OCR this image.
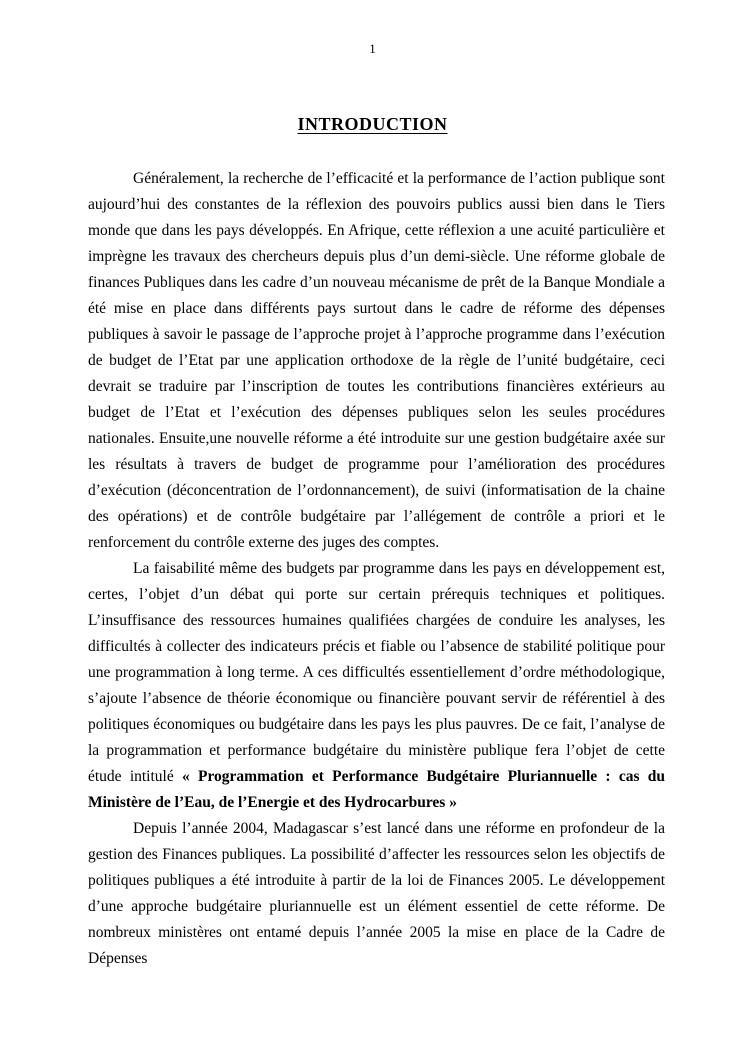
1
INTRODUCTION

Généralement, la recherche de l’efficacité et la performance de l’action publique sont aujourd’hui des constantes de la réflexion des pouvoirs publics aussi bien dans le Tiers monde que dans les pays développés. En Afrique, cette réflexion a une acuité particulière et imprègne les travaux des chercheurs depuis plus d’un demi-siècle. Une réforme globale de finances Publiques dans les cadre d’un nouveau mécanisme de prêt de la Banque Mondiale a été mise en place dans différents pays surtout dans le cadre de réforme des dépenses publiques à savoir le passage de l’approche projet à l’approche programme dans l’exécution de budget de l’Etat par une application orthodoxe de la règle de l’unité budgétaire, ceci devrait se traduire par l’inscription de toutes les contributions financières extérieurs au budget de l’Etat et l’exécution des dépenses publiques selon les seules procédures nationales. Ensuite,une nouvelle réforme a été introduite sur une gestion budgétaire axée sur les résultats à travers de budget de programme pour l’amélioration des procédures d’exécution (déconcentration de l’ordonnancement), de suivi (informatisation de la chaine des opérations) et de contrôle budgétaire par l’allégement de contrôle a priori et le renforcement du contrôle externe des juges des comptes.

La faisabilité même des budgets par programme dans les pays en développement est, certes, l’objet d’un débat qui porte sur certain prérequis techniques et politiques. L’insuffisance des ressources humaines qualifiées chargées de conduire les analyses, les difficultés à collecter des indicateurs précis et fiable ou l’absence de stabilité politique pour une programmation à long terme. A ces difficultés essentiellement d’ordre méthodologique, s’ajoute l’absence de théorie économique ou financière pouvant servir de référentiel à des politiques économiques ou budgétaire dans les pays les plus pauvres. De ce fait, l’analyse de la programmation et performance budgétaire du ministère publique fera l’objet de cette étude intitulé « Programmation et Performance Budgétaire Pluriannuelle : cas du Ministère de l’Eau, de l’Energie et des Hydrocarbures »

Depuis l’année 2004, Madagascar s’est lancé dans une réforme en profondeur de la gestion des Finances publiques. La possibilité d’affecter les ressources selon les objectifs de politiques publiques a été introduite à partir de la loi de Finances 2005. Le développement d’une approche budgétaire pluriannuelle est un élément essentiel de cette réforme. De nombreux ministères ont entamé depuis l’année 2005 la mise en place de la Cadre de Dépenses
